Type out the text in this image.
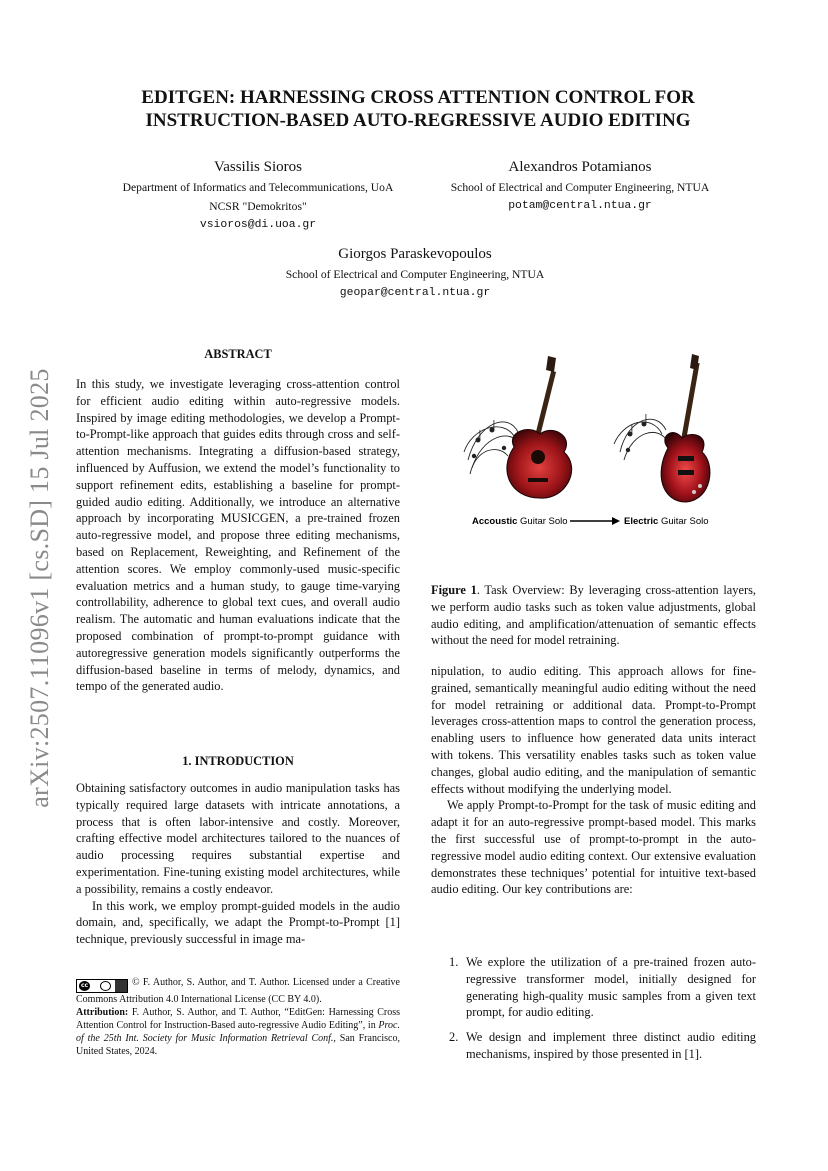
arXiv:2507.11096v1 [cs.SD] 15 Jul 2025
EDITGEN: HARNESSING CROSS ATTENTION CONTROL FOR INSTRUCTION-BASED AUTO-REGRESSIVE AUDIO EDITING
Vassilis Sioros
Department of Informatics and Telecommunications, UoA
NCSR "Demokritos"
vsioros@di.uoa.gr
Alexandros Potamianos
School of Electrical and Computer Engineering, NTUA
potam@central.ntua.gr
Giorgos Paraskevopoulos
School of Electrical and Computer Engineering, NTUA
geopar@central.ntua.gr
ABSTRACT

In this study, we investigate leveraging cross-attention control for efficient audio editing within auto-regressive models. Inspired by image editing methodologies, we develop a Prompt-to-Prompt-like approach that guides edits through cross and self-attention mechanisms. Integrating a diffusion-based strategy, influenced by Auffusion, we extend the model’s functionality to support refinement edits, establishing a baseline for prompt-guided audio editing. Additionally, we introduce an alternative approach by incorporating MUSICGEN, a pre-trained frozen auto-regressive model, and propose three editing mechanisms, based on Replacement, Reweighting, and Refinement of the attention scores. We employ commonly-used music-specific evaluation metrics and a human study, to gauge time-varying controllability, adherence to global text cues, and overall audio realism. The automatic and human evaluations indicate that the proposed combination of prompt-to-prompt guidance with autoregressive generation models significantly outperforms the diffusion-based baseline in terms of melody, dynamics, and tempo of the generated audio.

1. INTRODUCTION

Obtaining satisfactory outcomes in audio manipulation tasks has typically required large datasets with intricate annotations, a process that is often labor-intensive and costly. Moreover, crafting effective model architectures tailored to the nuances of audio processing requires substantial expertise and experimentation. Fine-tuning existing model architectures, while a possibility, remains a costly endeavor.

In this work, we employ prompt-guided models in the audio domain, and, specifically, we adapt the Prompt-to-Prompt [1] technique, previously successful in image ma-

Accoustic Guitar Solo	Electric Guitar Solo
Figure 1. Task Overview: By leveraging cross-attention layers, we perform audio tasks such as token value adjustments, global audio editing, and amplification/attenuation of semantic effects without the need for model retraining.

nipulation, to audio editing. This approach allows for fine-grained, semantically meaningful audio editing without the need for model retraining or additional data. Prompt-to-Prompt leverages cross-attention maps to control the generation process, enabling users to influence how generated data units interact with tokens. This versatility enables tasks such as token value changes, global audio editing, and the manipulation of semantic effects without modifying the underlying model.

We apply Prompt-to-Prompt for the task of music editing and adapt it for an auto-regressive prompt-based model. This marks the first successful use of prompt-to-prompt in the auto-regressive model audio editing context. Our extensive evaluation demonstrates these techniques’ potential for intuitive text-based audio editing. Our key contributions are:

1. We explore the utilization of a pre-trained frozen auto-regressive transformer model, initially designed for generating high-quality music samples from a given text prompt, for audio editing.
2. We design and implement three distinct audio editing mechanisms, inspired by those presented in [1].
cc	© F. Author, S. Author, and T. Author. Licensed under a Creative Commons Attribution 4.0 International License (CC BY 4.0).
Attribution: F. Author, S. Author, and T. Author, “EditGen: Harnessing Cross Attention Control for Instruction-Based auto-regressive Audio Editing”, in Proc. of the 25th Int. Society for Music Information Retrieval Conf., San Francisco, United States, 2024.
